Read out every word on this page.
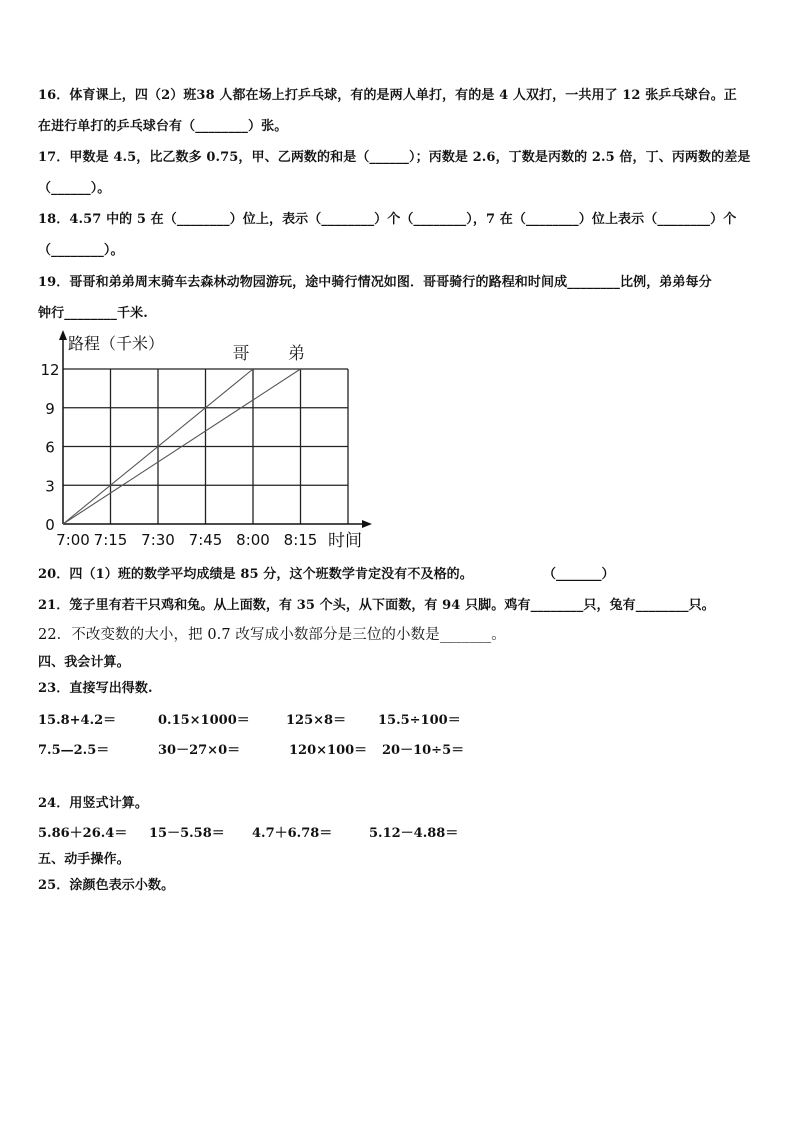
16．体育课上，四（2）班38 人都在场上打乒乓球，有的是两人单打，有的是 4 人双打，一共用了 12 张乒乓球台。正
在进行单打的乒乓球台有（________）张。
17．甲数是 4.5，比乙数多 0.75，甲、乙两数的和是（______）；丙数是 2.6，丁数是丙数的 2.5 倍，丁、丙两数的差是
（______）。
18．4.57 中的 5 在（________）位上，表示（________）个（________），7 在（________）位上表示（________）个
（________）。
19．哥哥和弟弟周末骑车去森林动物园游玩，途中骑行情况如图．哥哥骑行的路程和时间成________比例，弟弟每分
钟行________千米.
哥 弟
0
3
6
9
12
7:00 7:15 7:30 7:45 8:00 8:15
路程（千米）
时间
20．四（1）班的数学平均成绩是 85 分，这个班数学肯定没有不及格的。	（_______）
21．笼子里有若干只鸡和兔。从上面数，有 35 个头，从下面数，有 94 只脚。鸡有________只，兔有________只。
22．不改变数的大小，把 0.7 改写成小数部分是三位的小数是_______。
四、我会计算。
23．直接写出得数.
15.8+4.2＝	0.15×1000＝	125×8＝ 15.5÷100＝
7.5—2.5＝	30－27×0＝	120×100＝ 20－10÷5＝
24．用竖式计算。
5.86＋26.4＝ 15－5.58＝ 4.7＋6.78＝	5.12－4.88＝
五、动手操作。
25．涂颜色表示小数。
